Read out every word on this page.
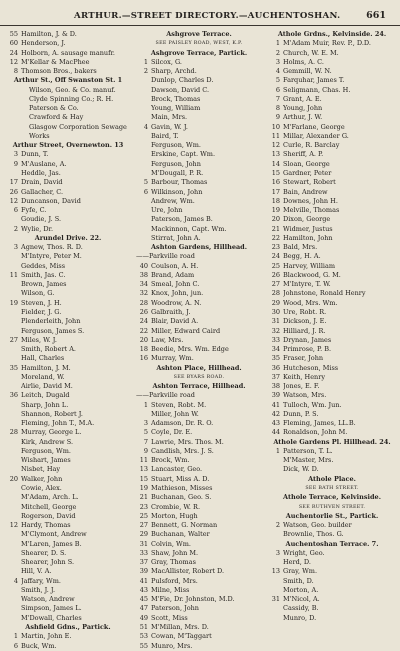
ARTHUR.—STREET DIRECTORY.—AUCHENTOSHAN.	661
55 Hamilton, J. & D.
60 Henderson, J.
24 Holborn, A. sausage manufr.
12 M'Kellar & MacPhee
8 Thomson Bros., bakers
Arthur St., Off Swanston St. 1
Wilson, Geo. & Co. manuf.
Clyde Spinning Co.; R. H.
Paterson & Co.
Crawford & Hay
Glasgow Corporation Sewage
Works
Arthur Street, Overnewton. 13
3 Dunn, T.
9 M'Auslane, A.
Heddle, Jas.
17 Drain, David
26 Gallacher, C.
12 Duncanson, David
6 Fyfe, C.
Goudie, J. S.
2 Wylie, Dr.
Arundel Drive. 22.
3 Agnew, Thos. R. D.
M'Intyre, Peter M.
Geddes, Miss
11 Smith, Jas. C.
Brown, James
Wilson, G.
19 Steven, J. H.
Fielder, J. G.
Plenderleith, John
Ferguson, James S.
27 Miles, W. J.
Smith, Robert A.
Hall, Charles
35 Hamilton, J. M.
Moreland, W.
Airlie, David M.
36 Leitch, Dugald
Sharp, John L.
Shannon, Robert J.
Fleming, John T., M.A.
28 Murray, George L.
Kirk, Andrew S.
Ferguson, Wm.
Wishart, James
Nisbet, Hay
20 Walker, John
Cowie, Alex.
M'Adam, Arch. L.
Mitchell, George
Rogerson, David
12 Hardy, Thomas
M'Clymont, Andrew
M'Laren, James B.
Shearer, D. S.
Shearer, John S.
Hill, V. A.
4 Jaffary, Wm.
Smith, J. J.
Watson, Andrew
Simpson, James L.
M'Dowall, Charles
Ashfield Gdns., Partick.
1 Martin, John E.
6 Buck, Wm.
Ashgrove Terrace.
SEE PAISLEY ROAD, WEST, K.P.
Ashgrove Terrace, Partick.
1 Silcox, G.
2 Sharp, Archd.
Dunlop, Charles D.
Dawson, David C.
Brock, Thomas
Young, William
Main, Mrs.
4 Gavin, W. J.
Baird, T.
Ferguson, Wm.
Erskine, Capt. Wm.
Ferguson, John
M'Dougall, P. R.
5 Barbour, Thomas
6 Wilkinson, John
Andrew, Wm.
Ure, John
Paterson, James B.
Mackinnon, Capt. Wm.
Stirrat, John A.
Ashton Gardens, Hillhead.
——Parkville road
40 Coulson, A. H.
38 Brand, Adam
34 Smeal, John C.
32 Knox, John, jun.
28 Woodrow, A. N.
26 Galbraith, J.
24 Blair, David A.
22 Miller, Edward Caird
20 Law, Mrs.
18 Beedie, Mrs. Wm. Edge
16 Murray, Wm.
Ashton Place, Hillhead.
SEE BYARS ROAD.
Ashton Terrace, Hillhead.
——Parkville road
1 Steven, Robt. M.
Miller, John W.
3 Adamson, Dr. R. O.
5 Coyle, Dr. E.
7 Lawrie, Mrs. Thos. M.
9 Candlish, Mrs. J. S.
11 Brock, Wm.
13 Lancaster, Geo.
15 Stuart, Miss A. D.
19 Mathieson, Misses
21 Buchanan, Geo. S.
23 Crombie, W. R.
25 Morton, Hugh
27 Bennett, G. Norman
29 Buchanan, Walter
31 Colvin, Wm.
33 Shaw, John M.
37 Gray, Thomas
39 MacAllister, Robert D.
41 Pulsford, Mrs.
43 Milne, Miss
45 M'Fie, Dr. Johnston, M.D.
47 Paterson, John
49 Scott, Miss
51 M'Millan, Mrs. D.
53 Cowan, M'Taggart
55 Munro, Mrs.
Athole Grdns., Kelvinside. 24.
1 M'Adam Muir, Rev. P., D.D.
2 Church, W. E. M.
3 Holms, A. C.
4 Gemmill, W. N.
5 Farquhar, James T.
6 Seligmann, Chas. H.
7 Grant, A. E.
8 Young, John
9 Arthur, J. W.
10 M'Farlane, George
11 Millar, Alexander G.
12 Curle, R. Barclay
13 Sheriff, A. P.
14 Sloan, George
15 Gardner, Peter
16 Stewart, Robert
17 Bain, Andrew
18 Downes, John H.
19 Melville, Thomas
20 Dixon, George
21 Widmer, Justus
22 Hamilton, John
23 Bald, Mrs.
24 Begg, H. A.
25 Harvey, William
26 Blackwood, G. M.
27 M'Intyre, T. W.
28 Johnstone, Ronald Henry
29 Wood, Mrs. Wm.
30 Ure, Robt. R.
31 Dickson, J. E.
32 Hilliard, J. R.
33 Drynan, James
34 Primrose, P. B.
35 Fraser, John
36 Hutcheson, Miss
37 Keith, Henry
38 Jones, E. F.
39 Watson, Mrs.
41 Tulloch, Wm. Jun.
42 Dunn, P. S.
43 Fleming, James, LL.B.
44 Ronaldson, John M.
Athole Gardens Pl. Hillhead. 24.
1 Patterson, T. L.
M'Master, Mrs.
Dick, W. D.
Athole Place.
SEE BATH STREET.
Athole Terrace, Kelvinside.
SEE RUTHVEN STREET.
Auchentorlie St., Partick.
2 Watson, Geo. builder
Brownlie, Thos. G.
Auchentoshan Terrace. 7.
3 Wright, Geo.
Herd, D.
13 Gray, Wm.
Smith, D.
Morton, A.
31 M'Nicol, A.
Cassidy, B.
Munro, D.
